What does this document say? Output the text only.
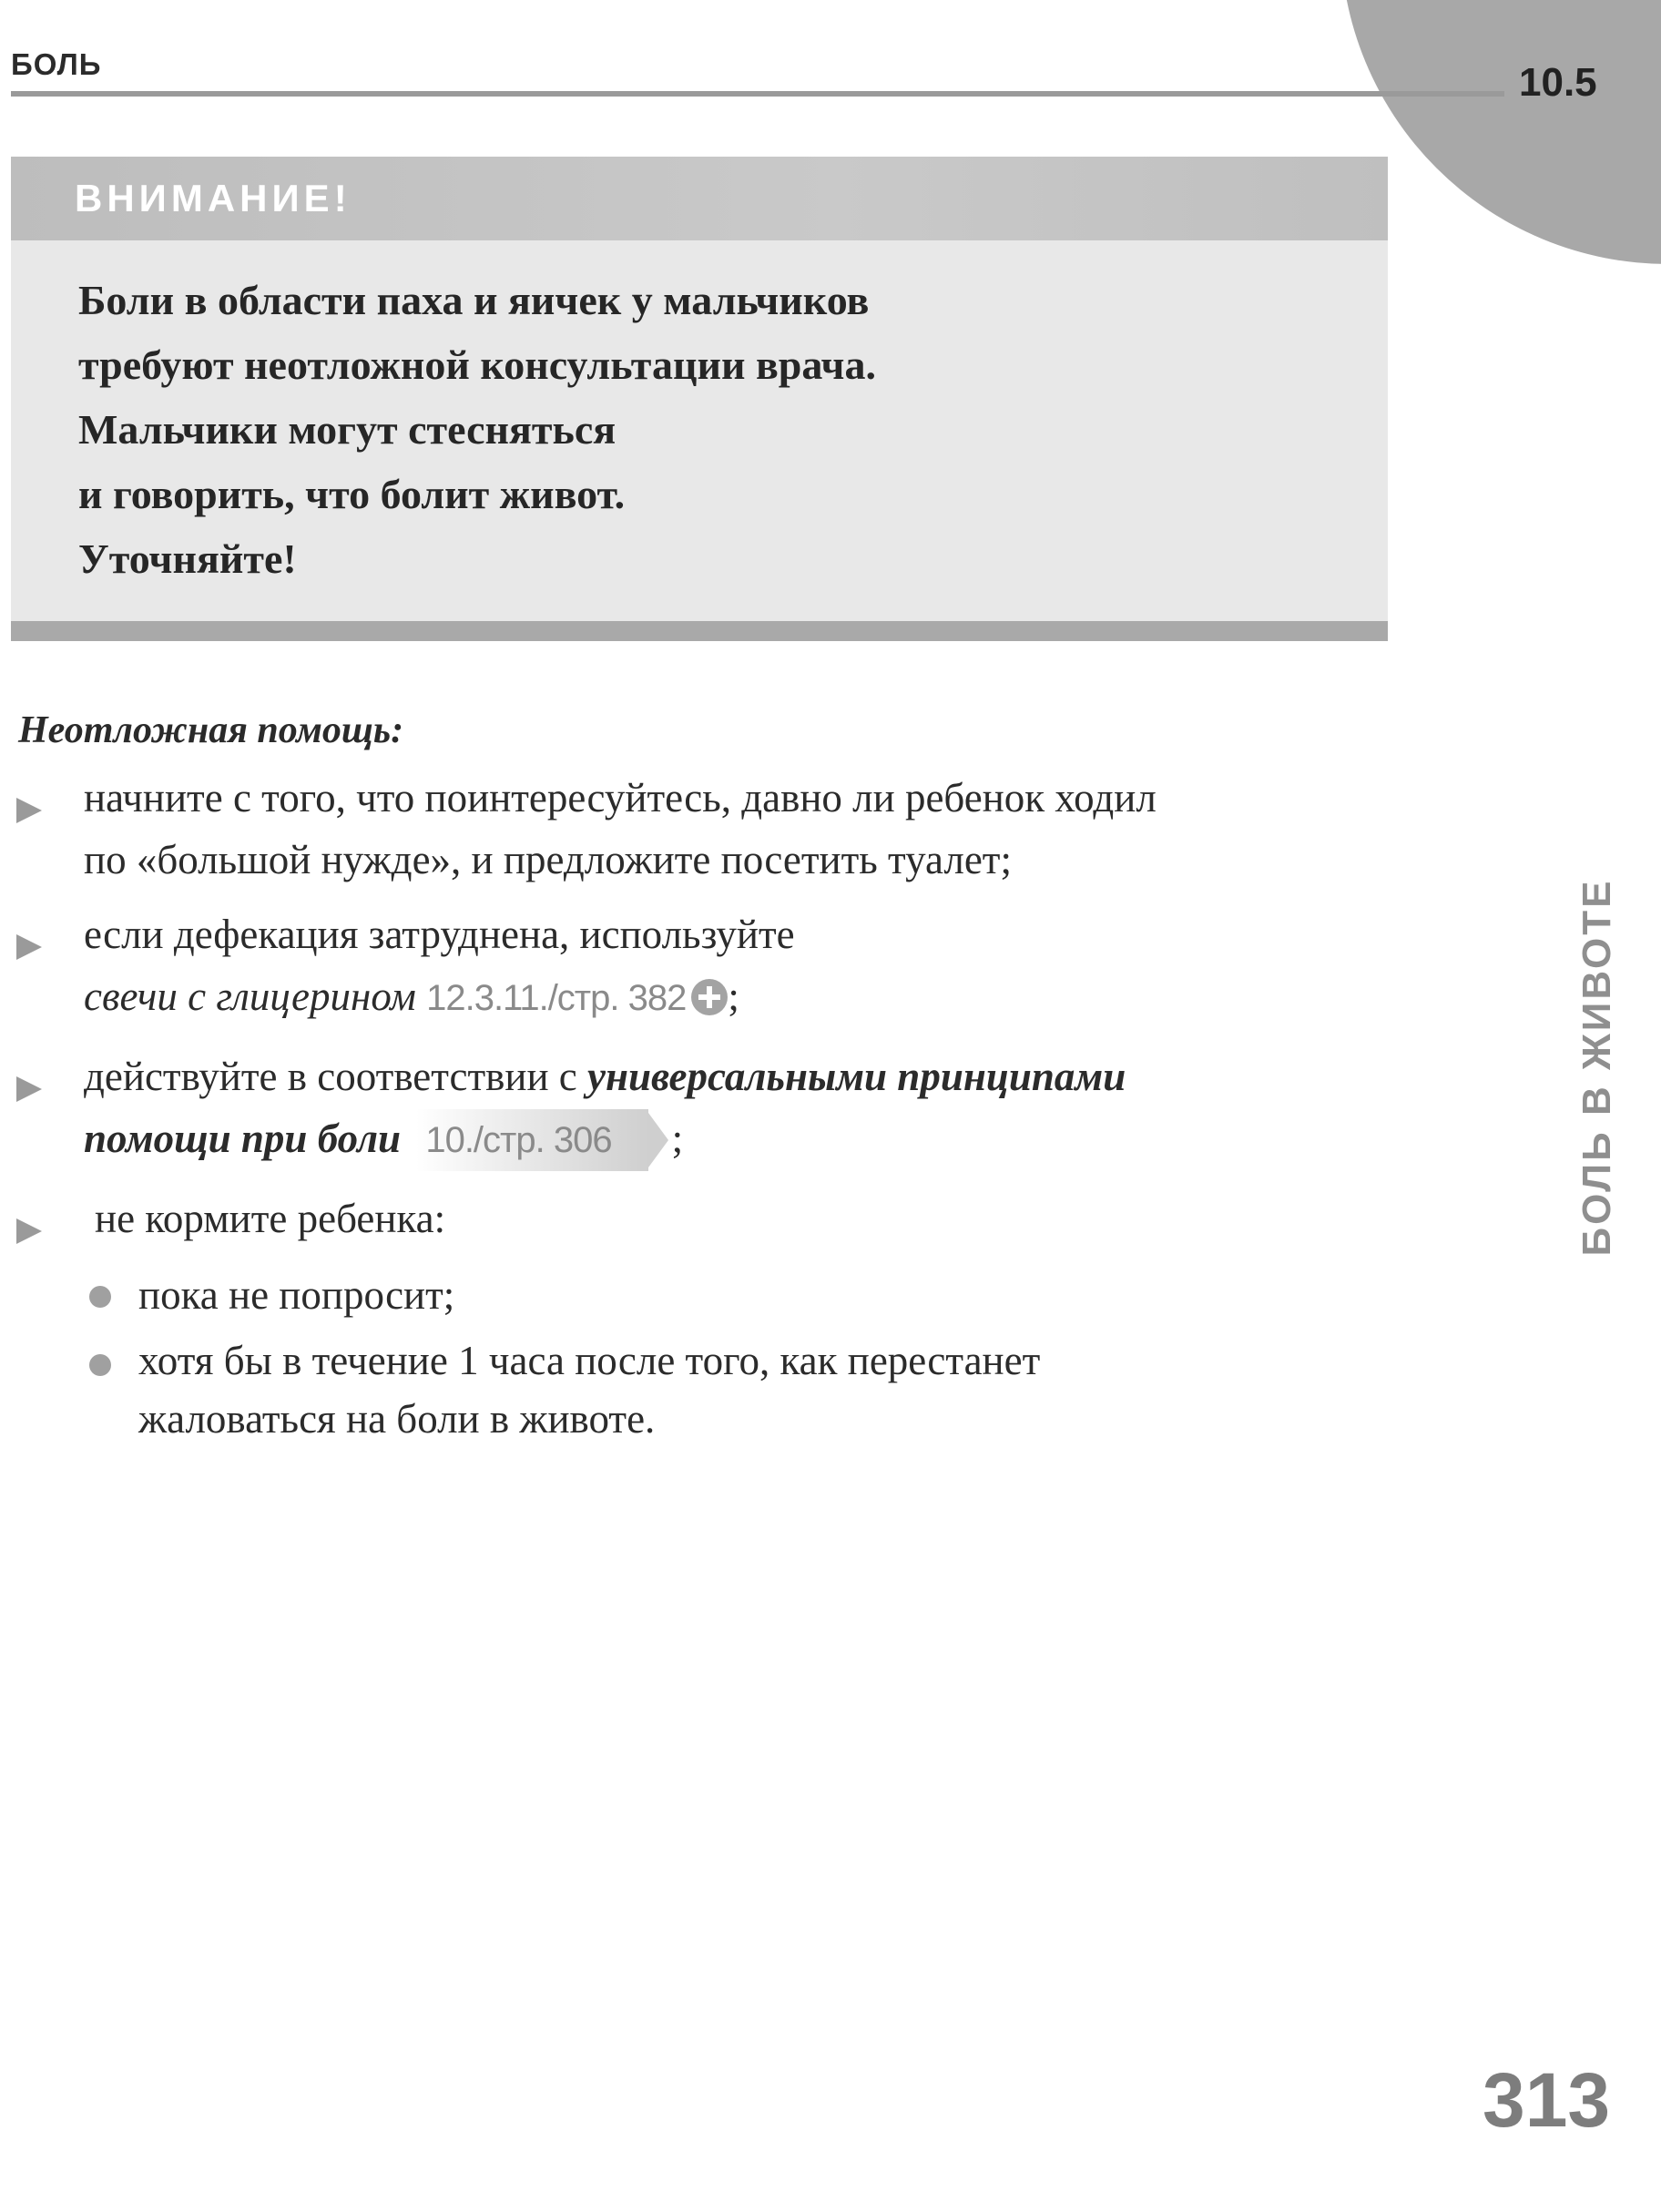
БОЛЬ	10.5
ВНИМАНИЕ!
Боли в области паха и яичек у мальчиков
требуют неотложной консультации врача.
Мальчики могут стесняться
и говорить, что болит живот.
Уточняйте!
Неотложная помощь:
начните с того, что поинтересуйтесь, давно ли ребенок ходил
по «большой нужде», и предложите посетить туалет;
если дефекация затруднена, используйте
свечи с глицерином 12.3.11./стр. 382 ;
действуйте в соответствии с универсальными принципами
помощи при боли 10./стр. 306 ;
не кормите ребенка:
пока не попросит;
хотя бы в течение 1 часа после того, как перестанет
жаловаться на боли в животе.
БОЛЬ В ЖИВОТЕ
313
